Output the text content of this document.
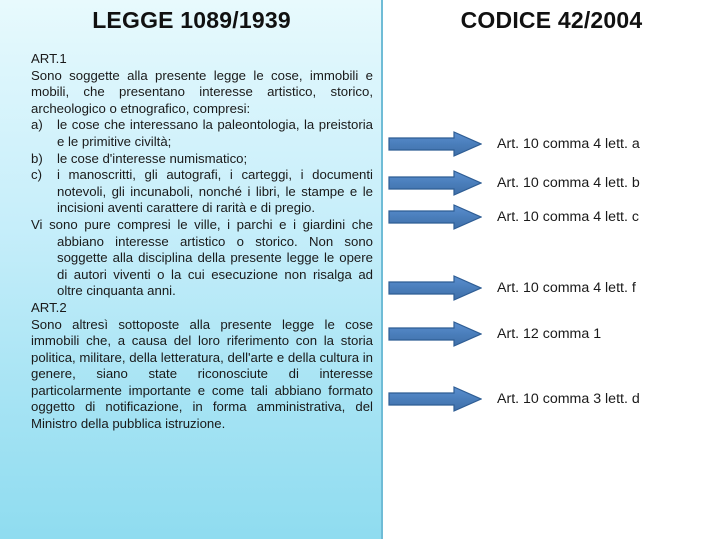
LEGGE 1089/1939
ART.1
Sono soggette alla presente legge le cose, immobili e mobili, che presentano interesse artistico, storico, archeologico o etnografico, compresi:
a)	le cose che interessano la paleontologia, la preistoria e le primitive civiltà;
b)	le cose d'interesse numismatico;
c)	i manoscritti, gli autografi, i carteggi, i documenti notevoli, gli incunaboli, nonché i libri, le stampe e le incisioni aventi carattere di rarità e di pregio.
Vi sono pure compresi le ville, i parchi e i giardini che abbiano interesse artistico o storico. Non sono soggette alla disciplina della presente legge le opere di autori viventi o la cui esecuzione non risalga ad oltre cinquanta anni.
ART.2
Sono altresì sottoposte alla presente legge le cose immobili che, a causa del loro riferimento con la storia politica, militare, della letteratura, dell'arte e della cultura in genere, siano state riconosciute di interesse particolarmente importante e come tali abbiano formato oggetto di notificazione, in forma amministrativa, del Ministro della pubblica istruzione.
CODICE 42/2004
Art. 10 comma 4 lett. a
Art. 10 comma 4 lett. b
Art. 10 comma 4 lett. c
Art. 10 comma 4 lett. f
Art. 12 comma 1
Art. 10 comma 3 lett. d
